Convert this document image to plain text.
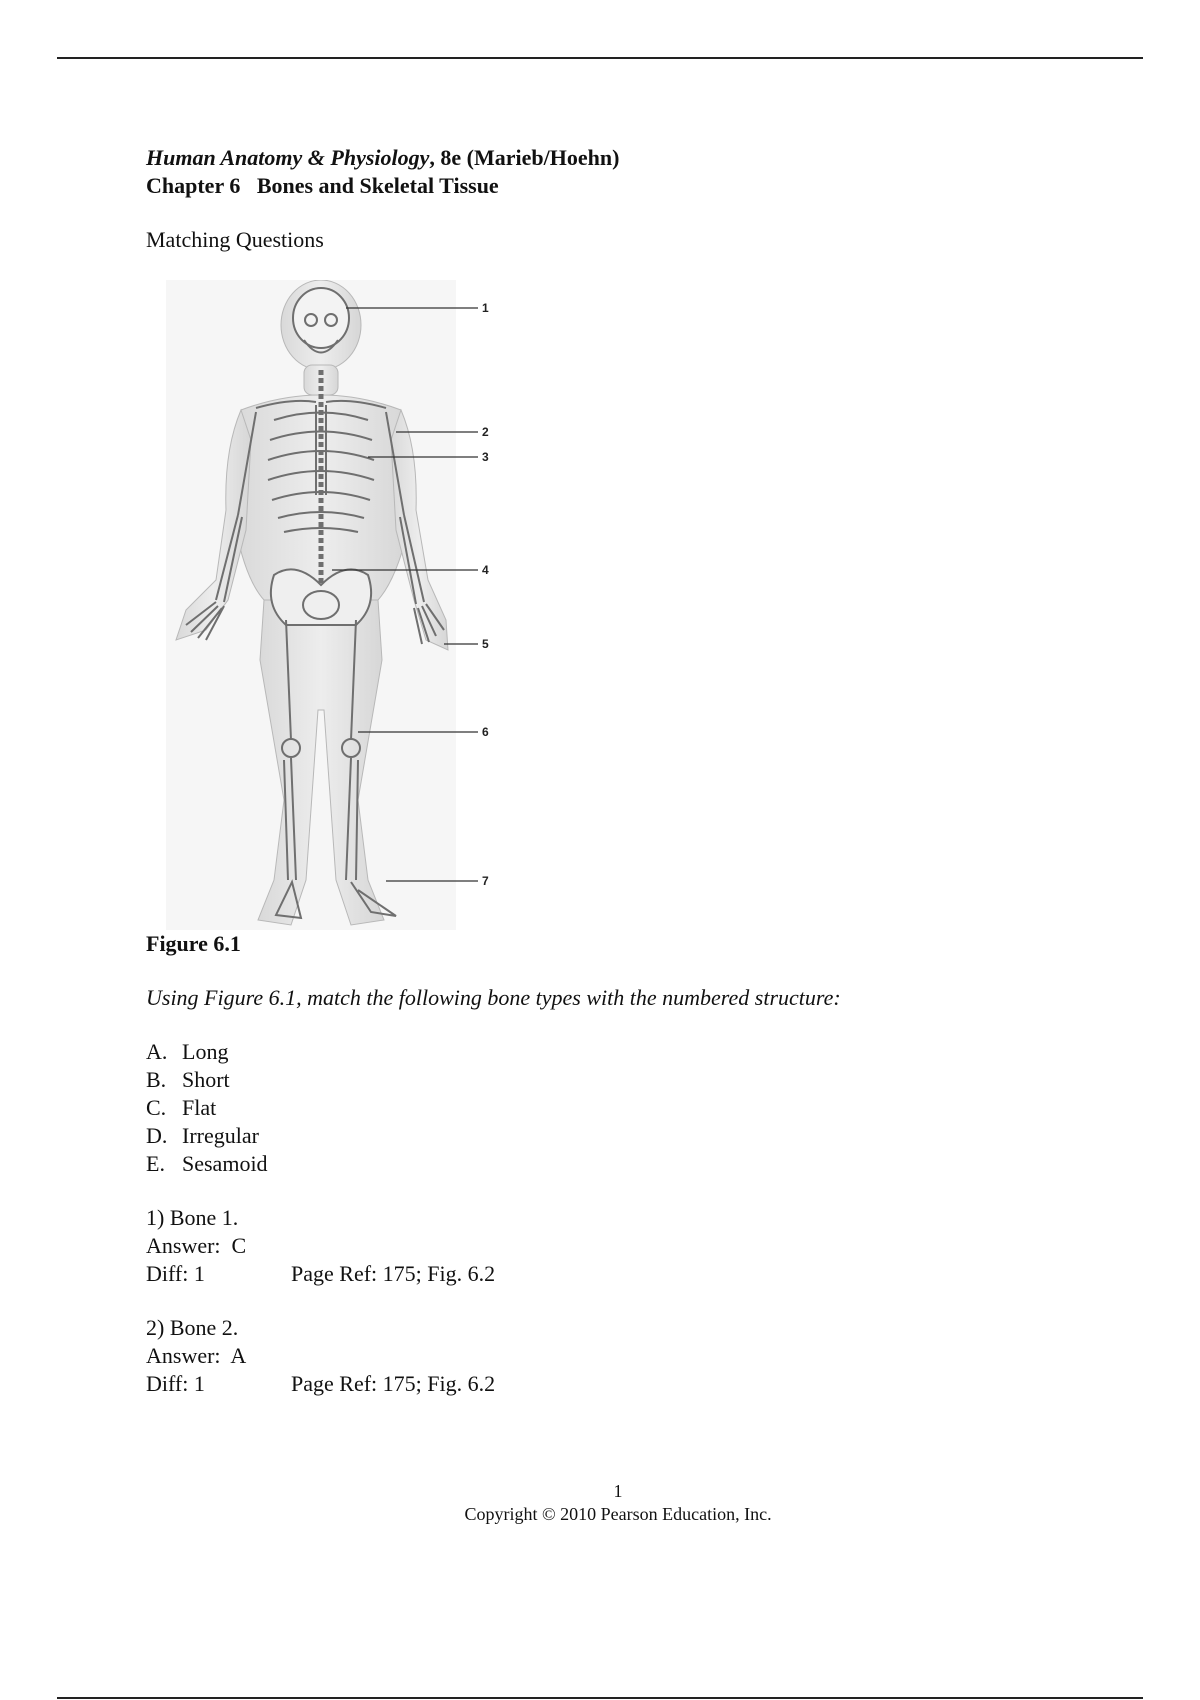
Human Anatomy & Physiology, 8e (Marieb/Hoehn)
Chapter 6   Bones and Skeletal Tissue
Matching Questions
1
2
3
4
5
6
7
Figure 6.1
Using Figure 6.1, match the following bone types with the numbered structure:
A. Long
B. Short
C. Flat
D. Irregular
E. Sesamoid
1) Bone 1.
Answer:  C
Diff: 1	Page Ref: 175; Fig. 6.2
2) Bone 2.
Answer:  A
Diff: 1	Page Ref: 175; Fig. 6.2
1
Copyright © 2010 Pearson Education, Inc.
